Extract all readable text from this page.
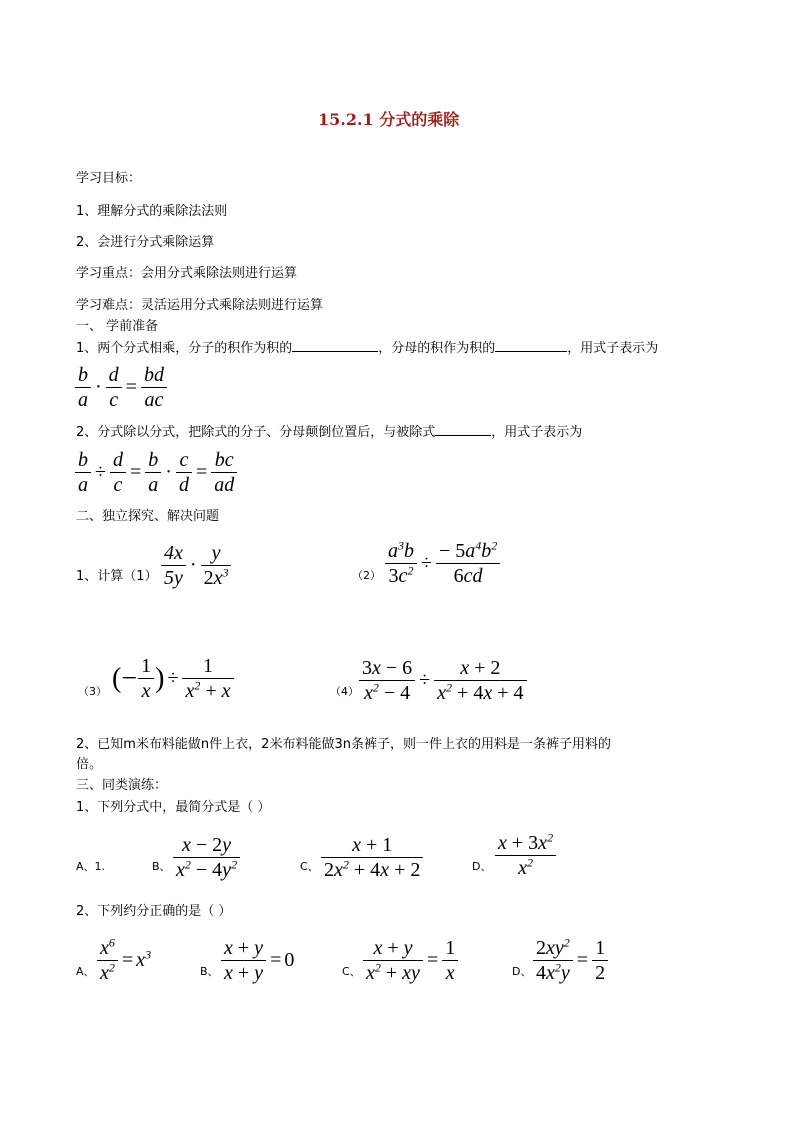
15.2.1 分式的乘除
学习目标：
1、理解分式的乘除法法则
2、会进行分式乘除运算
学习重点：会用分式乘除法则进行运算
学习难点：灵活运用分式乘除法则进行运算
一、 学前准备
1、两个分式相乘，分子的积作为积的	，分母的积作为积的	，用式子表示为
$\frac{b}{a} \cdot \frac{d}{c} = \frac{bd}{ac}$
2、分式除以分式，把除式的分子、分母颠倒位置后，与被除式	，用式子表示为
$\frac{b}{a} \div \frac{d}{c} = \frac{b}{a} \cdot \frac{c}{d} = \frac{bc}{ad}$
二、独立探究、解决问题
1、计算$(1) \frac{4x}{5y} \cdot \frac{y}{2x^3}$	$(2) \frac{a^3b}{3c^2} \div \frac{- 5a^4b^2}{6cd}$
（3） (− $\frac{1}{x}$ ) ÷ $\frac{1}{x^2 + x}$	$(4) \frac{3x - 6}{x^2 - 4} \div \frac{x + 2}{x^2 + 4x + 4}$
2、已知m米布料能做n件上衣，2米布料能做3n条裤子，则一件上衣的用料是一条裤子用料的
倍。
三、同类演练：
1、下列分式中，最简分式是（ ）
A、1.	B、 $\frac{x - 2y}{x^2 - 4y^2}$	C、 $\frac{x + 1}{2x^2 + 4x + 2}$	D、 $\frac{x + 3x^2}{x^2}$
2、下列约分正确的是（ ）
A、 $\frac{x^6}{x^2} = x^3$
B、 $\frac{x + y}{x + y} = 0$
C、 $\frac{x + y}{x^2 + xy} = \frac{1}{x}$	D、 $\frac{2xy^2}{4x^2y} = \frac{1}{2}$
